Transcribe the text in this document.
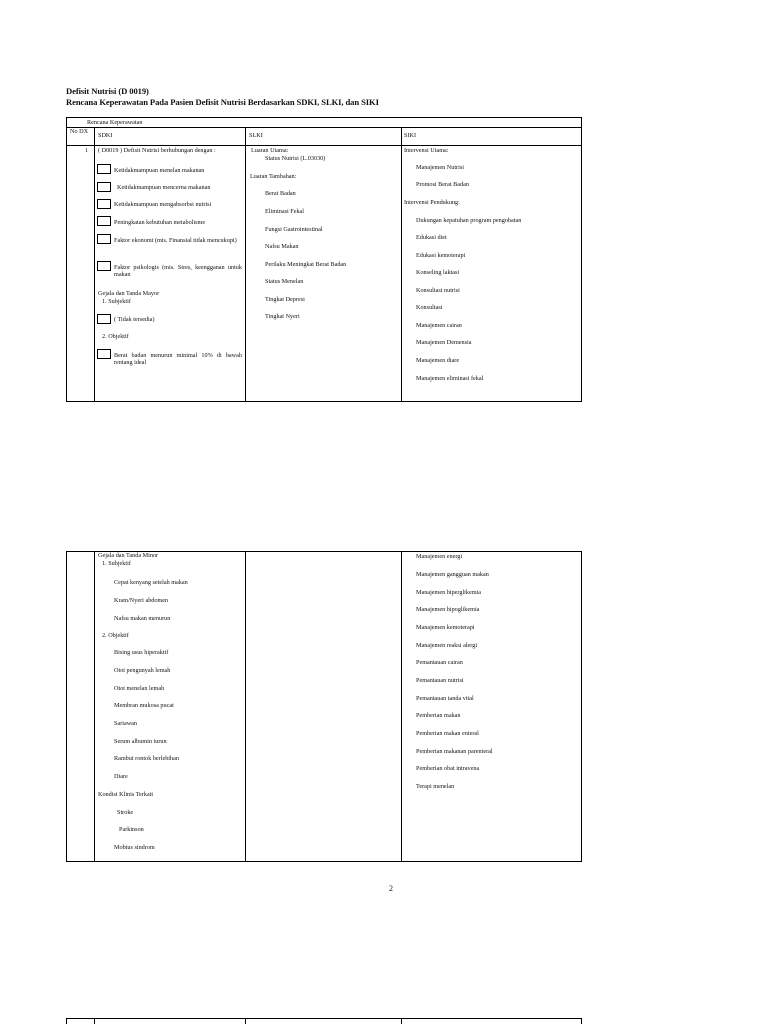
Defisit Nutrisi (D 0019)
Rencana Keperawatan Pada Pasien Defisit Nutrisi Berdasarkan SDKI, SLKI, dan SIKI
Rencana Keperawatan
No DX
SDKI	SLKI	SIKI
1 ( D0019 ) Defisit Nutrisi berhubungan dengan :
Ketidakmampuan menelan makanan
Ketidakmampuan mencerna makanan
Ketidakmampuan mengabsorbsi nutrisi
Peningkatan kebutuhan metabolisme
Faktor ekonomi (mis. Finansial tidak mencukupi)
Faktor psikologis (mis. Stres, keengganan untuk makan
Gejala dan Tanda Mayor
1. Subjektif
( Tidak tersedia)
2. Objektif
Berat badan menurun minimal 10% di bawah rentang ideal
Luaran Utama:
Status Nutrisi (L.03030)
Luaran Tambahan:
Berat Badan
Eliminasi Fekal
Fungsi Gastrointestinal
Nafsu Makan
Perilaku Meningkat Berat Badan
Status Menelan
Tingkat Depresi
Tingkat Nyeri
Intervensi Utama:
Manajemen Nutrisi
Promosi Berat Badan
Intervensi Pendukung:
Dukungan kepatuhan program pengobatan
Edukasi diet
Edukasi kemoterapi
Konseling laktasi
Konsultasi nutrisi
Konsultasi
Manajemen cairan
Manajemen Demensia
Manajemen diare
Manajemen eliminasi fekal
Gejala dan Tanda Minor
1. Subjektif
Cepat kenyang setelah makan
Kram/Nyeri abdomen
Nafsu makan menurun
2. Objektif
Bising usus hiperaktif
Otot pengunyah lemah
Otot menelan lemah
Membran mukosa pucat
Sariawan
Serum albumin turun
Rambut rontok berlebihan
Diare
Kondisi Klinis Terkait
Stroke
Parkinson
Mobius sindrom
Manajemen energi
Manajemen gangguan makan
Manajemen hiperglikemia
Manajemen hipoglikemia
Manajemen kemoterapi
Manajemen reaksi alergi
Pemantauan cairan
Pemantauan nutrisi
Pemantauan tanda vital
Pemberian makan
Pemberian makan enteral
Pemberian makanan parenteral
Pemberian obat intravena
Terapi menelan
2
